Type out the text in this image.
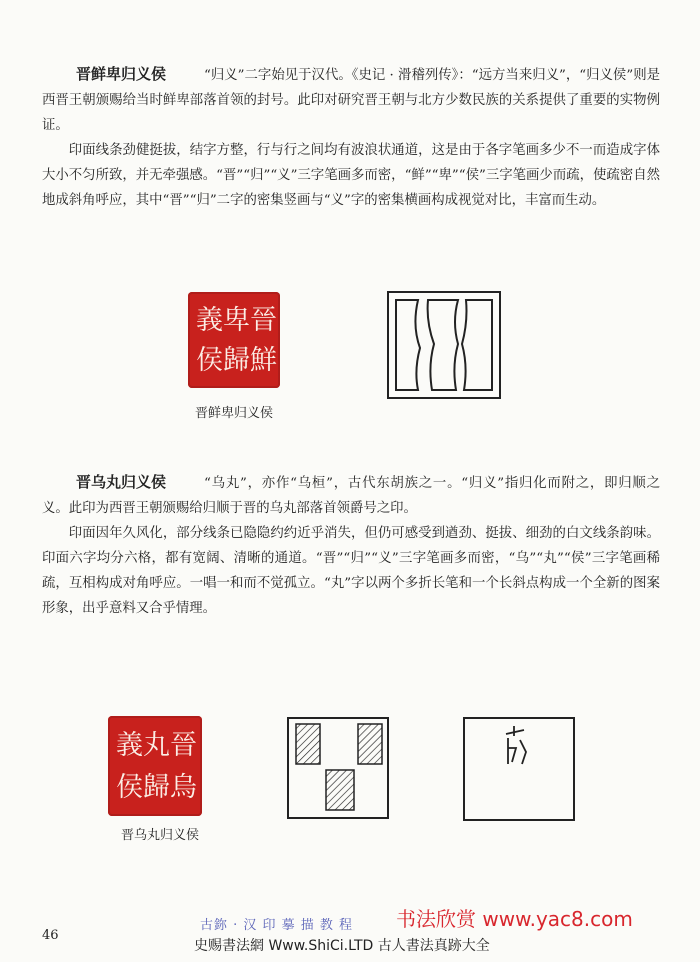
晋鲜卑归义侯	“归义”二字始见于汉代。《史记 · 滑稽列传》：“远方当来归义”，“归义侯”则是西晋王朝颁赐给当时鲜卑部落首领的封号。此印对研究晋王朝与北方少数民族的关系提供了重要的实物例证。

印面线条劲健挺拔，结字方整，行与行之间均有波浪状通道，这是由于各字笔画多少不一而造成字体大小不匀所致，并无牵强感。“晋”“归”“义”三字笔画多而密，“鲜”“卑”“侯”三字笔画少而疏，使疏密自然地成斜角呼应，其中“晋”“归”二字的密集竖画与“义”字的密集横画构成视觉对比，丰富而生动。

義 卑 晉
侯 歸 鮮
晋鲜卑归义侯

晋乌丸归义侯	“乌丸”，亦作“乌桓”，古代东胡族之一。“归义”指归化而附之，即归顺之义。此印为西晋王朝颁赐给归顺于晋的乌丸部落首领爵号之印。

印面因年久风化，部分线条已隐隐约约近乎消失，但仍可感受到遒劲、挺拔、细劲的白文线条韵味。印面六字均分六格，都有宽阔、清晰的通道。“晋”“归”“义”三字笔画多而密，“乌”“丸”“侯”三字笔画稀疏，互相构成对角呼应。一唱一和而不觉孤立。“丸”字以两个多折长笔和一个长斜点构成一个全新的图案形象，出乎意料又合乎情理。

義 丸 晉
侯 歸 烏
晋乌丸归义侯
46
古鉨 · 汉 印 摹 描 教 程 书法欣赏 www.yac8.com
史赐書法網 Www.ShiCi.LTD 古人書法真跡大全
